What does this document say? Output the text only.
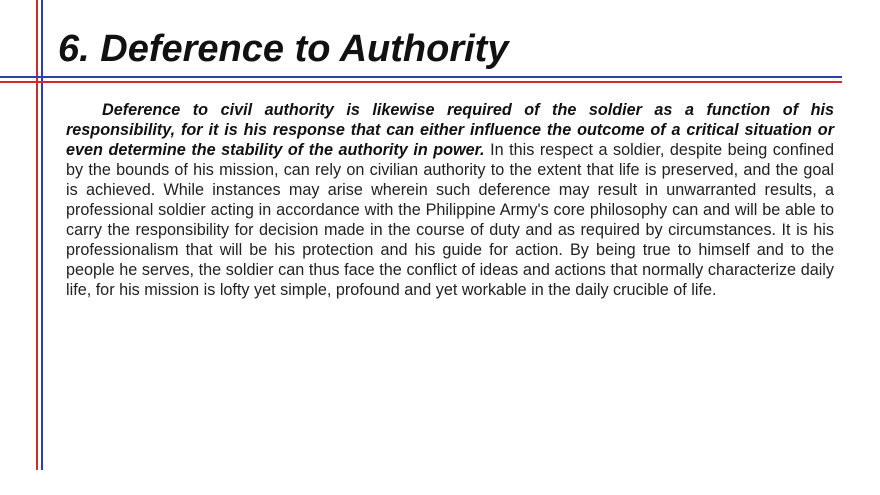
6. Deference to Authority

Deference to civil authority is likewise required of the soldier as a function of his responsibility, for it is his response that can either influence the outcome of a critical situation or even determine the stability of the authority in power. In this respect a soldier, despite being confined by the bounds of his mission, can rely on civilian authority to the extent that life is preserved, and the goal is achieved. While instances may arise wherein such deference may result in unwarranted results, a professional soldier acting in accordance with the Philippine Army's core philosophy can and will be able to carry the responsibility for decision made in the course of duty and as required by circumstances. It is his professionalism that will be his protection and his guide for action. By being true to himself and to the people he serves, the soldier can thus face the conflict of ideas and actions that normally characterize daily life, for his mission is lofty yet simple, profound and yet workable in the daily crucible of life.
